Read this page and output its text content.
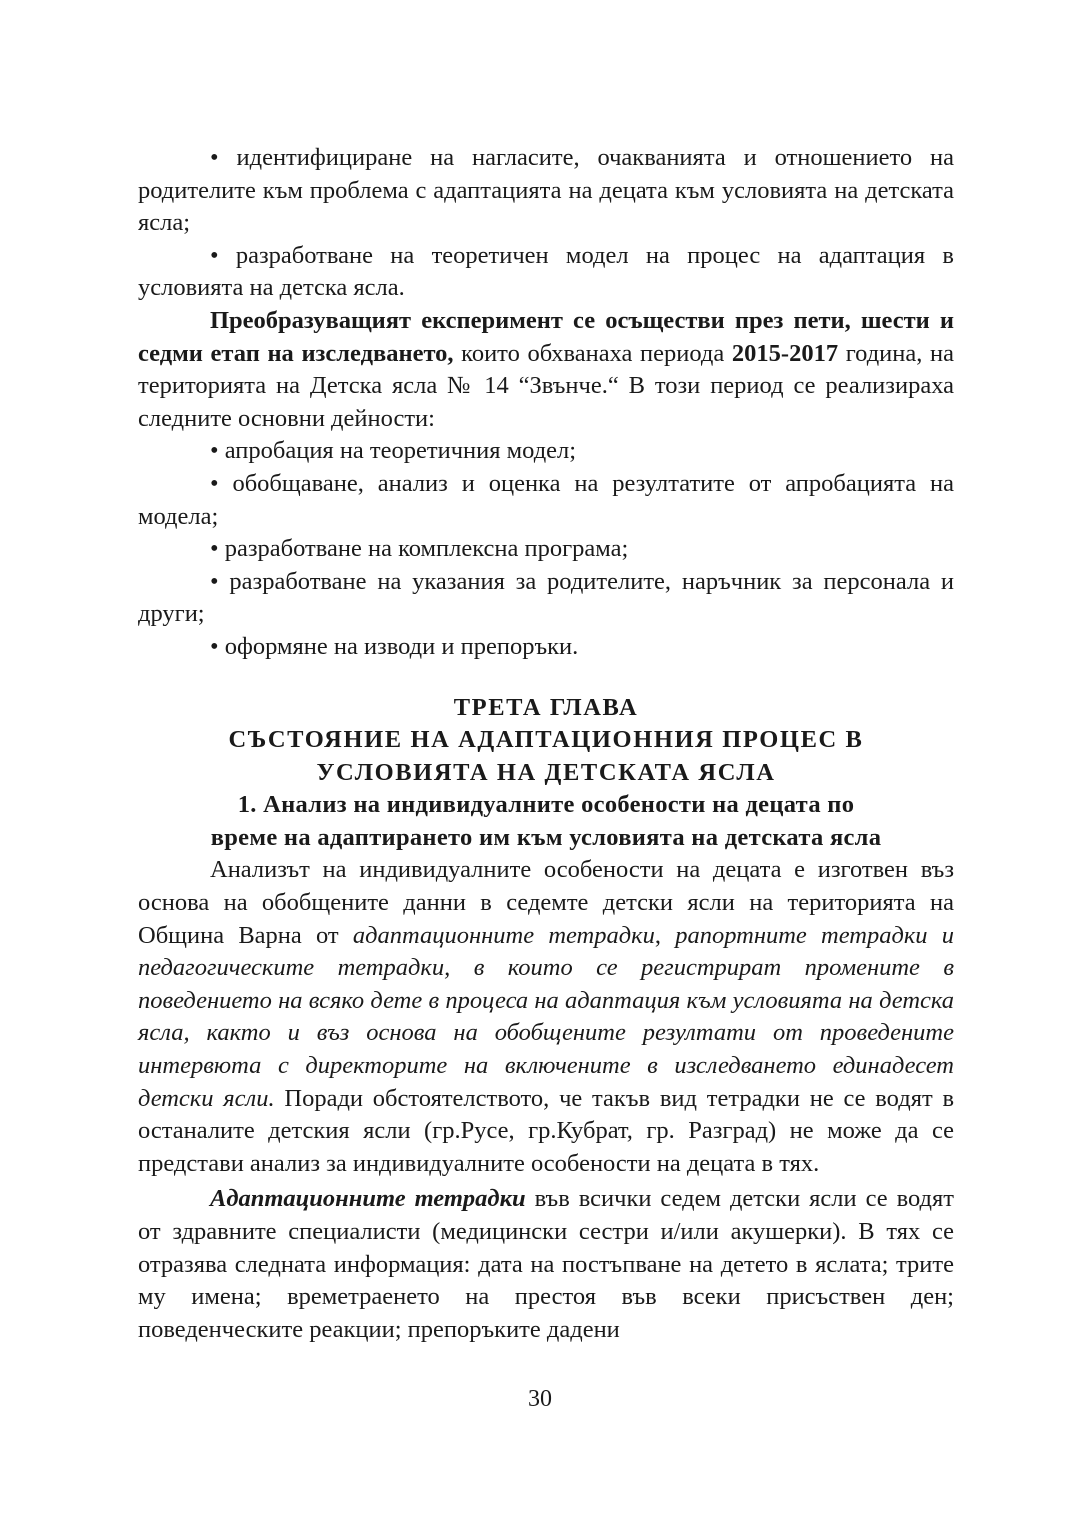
• идентифициране на нагласите, очакванията и отношението на родителите към проблема с адаптацията на децата към условията на детската ясла;

• разработване на теоретичен модел на процес на адаптация в условията на детска ясла.

Преобразуващият експеримент се осъществи през пети, шести и седми етап на изследването, които обхванаха периода 2015-2017 година, на територията на Детска ясла № 14 “Звънче.“ В този период се реализираха следните основни дейности:

• апробация на теоретичния модел;

• обобщаване, анализ и оценка на резултатите от апробацията на модела;

• разработване на комплексна програма;

• разработване на указания за родителите, наръчник за персонала и други;

• оформяне на изводи и препоръки.

ТРЕТА ГЛАВА

СЪСТОЯНИЕ НА АДАПТАЦИОННИЯ ПРОЦЕС В

УСЛОВИЯТА НА ДЕТСКАТА ЯСЛА

1. Анализ на индивидуалните особености на децата по

време на адаптирането им към условията на детската ясла

Анализът на индивидуалните особености на децата е изготвен въз основа на обобщените данни в седемте детски ясли на територията на Община Варна от адаптационните тетрадки, рапортните тетрадки и педагогическите тетрадки, в които се регистрират промените в поведението на всяко дете в процеса на адаптация към условията на детска ясла, както и въз основа на обобщените резултати от проведените интервюта с директорите на включените в изследването единадесет детски ясли. Поради обстоятелството, че такъв вид тетрадки не се водят в останалите детския ясли (гр.Русе, гр.Кубрат, гр. Разград) не може да се представи анализ за индивидуалните особености на децата в тях.

Адаптационните тетрадки във всички седем детски ясли се водят от здравните специалисти (медицински сестри и/или акушерки). В тях се отразява следната информация: дата на постъпване на детето в яслата; трите му имена; времетраенето на престоя във всеки присъствен ден; поведенческите реакции; препоръките дадени

30
